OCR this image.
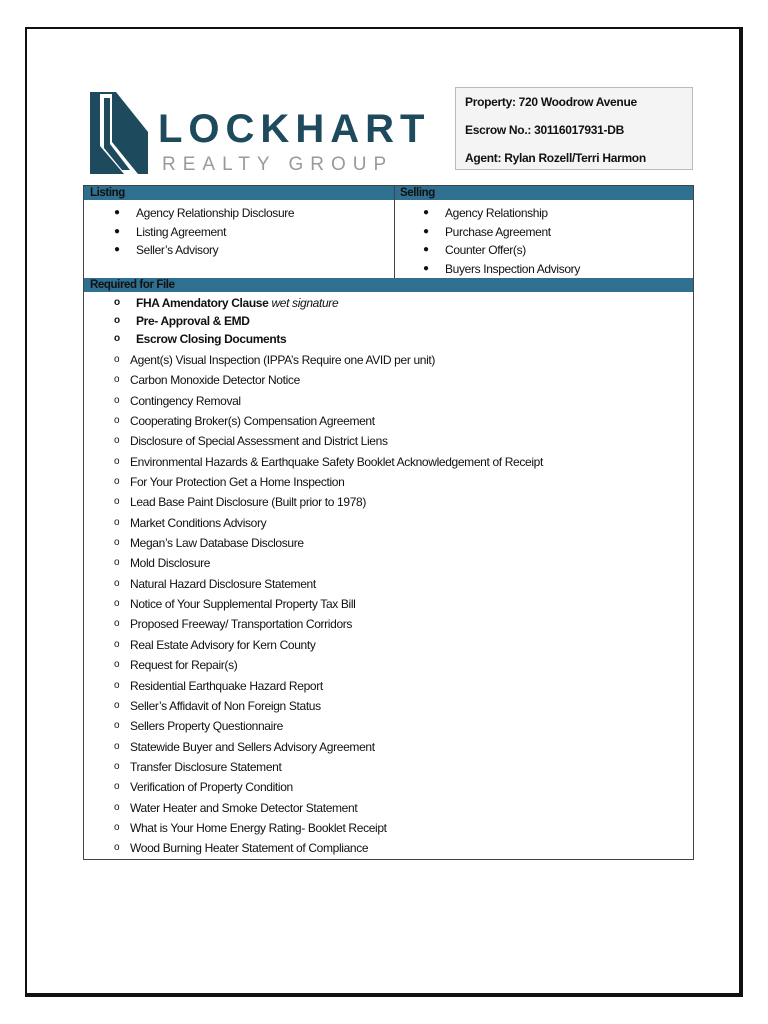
LOCKHART
REALTY GROUP
Property: 720 Woodrow Avenue
Escrow No.: 30116017931-DB
Agent: Rylan Rozell/Terri Harmon
Listing	Selling
● Agency Relationship Disclosure
● Listing Agreement
● Seller’s Advisory
● Agency Relationship
● Purchase Agreement
● Counter Offer(s)
● Buyers Inspection Advisory
Required for File
o FHA Amendatory Clause wet signature
o Pre- Approval & EMD
o Escrow Closing Documents
o Agent(s) Visual Inspection (IPPA’s Require one AVID per unit)
o Carbon Monoxide Detector Notice
o Contingency Removal
o Cooperating Broker(s) Compensation Agreement
o Disclosure of Special Assessment and District Liens
o Environmental Hazards & Earthquake Safety Booklet Acknowledgement of Receipt
o For Your Protection Get a Home Inspection
o Lead Base Paint Disclosure (Built prior to 1978)
o Market Conditions Advisory
o Megan’s Law Database Disclosure
o Mold Disclosure
o Natural Hazard Disclosure Statement
o Notice of Your Supplemental Property Tax Bill
o Proposed Freeway/ Transportation Corridors
o Real Estate Advisory for Kern County
o Request for Repair(s)
o Residential Earthquake Hazard Report
o Seller’s Affidavit of Non Foreign Status
o Sellers Property Questionnaire
o Statewide Buyer and Sellers Advisory Agreement
o Transfer Disclosure Statement
o Verification of Property Condition
o Water Heater and Smoke Detector Statement
o What is Your Home Energy Rating- Booklet Receipt
o Wood Burning Heater Statement of Compliance
